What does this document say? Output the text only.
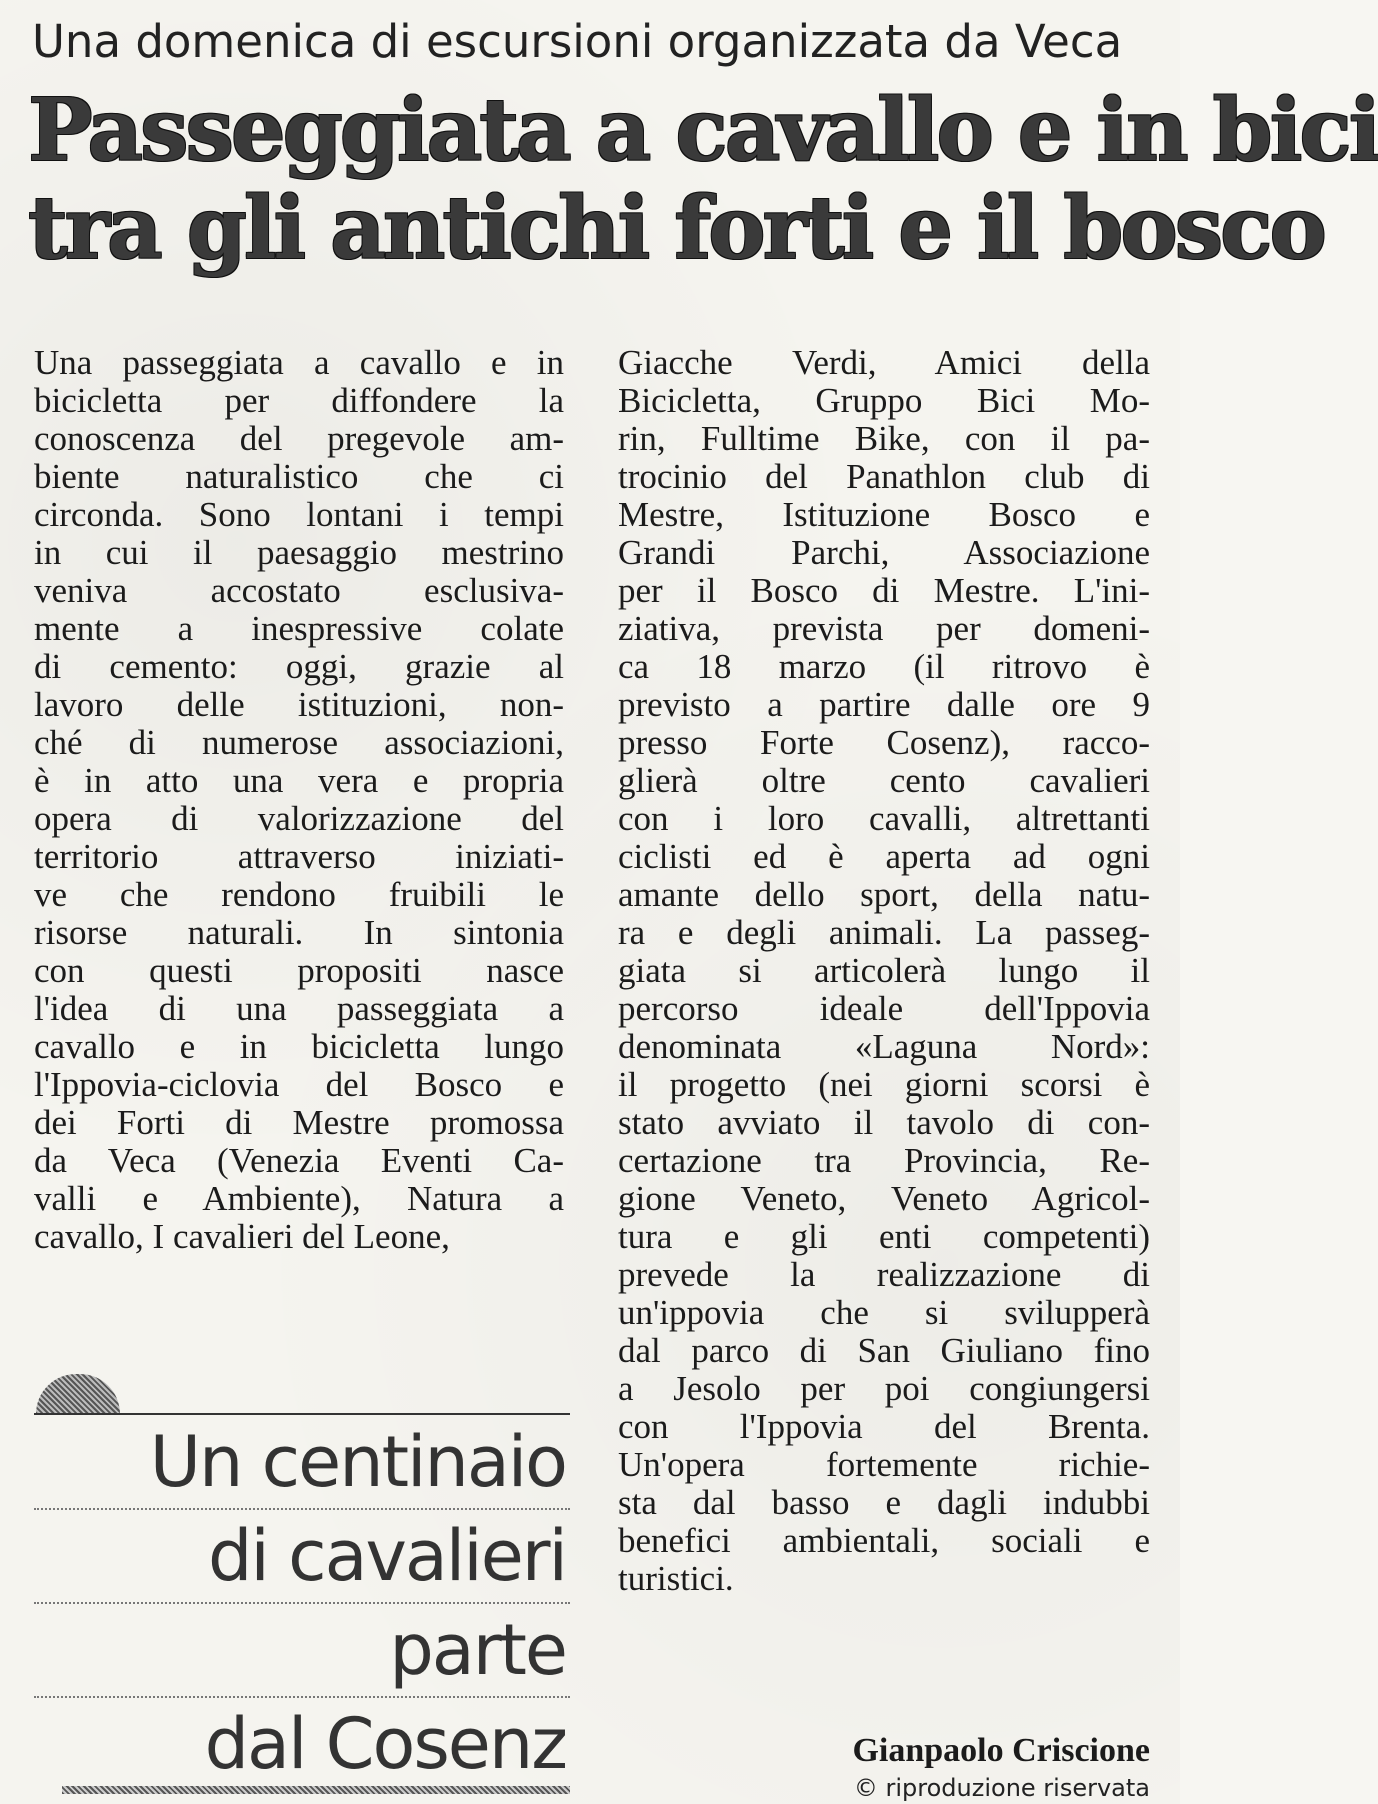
Una domenica di escursioni organizzata da Veca
Passeggiata a cavallo e in bici
tra gli antichi forti e il bosco
Una passeggiata a cavallo e in
bicicletta per diffondere la
conoscenza del pregevole am-
biente naturalistico che ci
circonda. Sono lontani i tempi
in cui il paesaggio mestrino
veniva accostato esclusiva-
mente a inespressive colate
di cemento: oggi, grazie al
lavoro delle istituzioni, non-
ché di numerose associazioni,
è in atto una vera e propria
opera di valorizzazione del
territorio attraverso iniziati-
ve che rendono fruibili le
risorse naturali. In sintonia
con questi propositi nasce
l'idea di una passeggiata a
cavallo e in bicicletta lungo
l'Ippovia-ciclovia del Bosco e
dei Forti di Mestre promossa
da Veca (Venezia Eventi Ca-
valli e Ambiente), Natura a
cavallo, I cavalieri del Leone,
Giacche Verdi, Amici della
Bicicletta, Gruppo Bici Mo-
rin, Fulltime Bike, con il pa-
trocinio del Panathlon club di
Mestre, Istituzione Bosco e
Grandi Parchi, Associazione
per il Bosco di Mestre. L'ini-
ziativa, prevista per domeni-
ca 18 marzo (il ritrovo è
previsto a partire dalle ore 9
presso Forte Cosenz), racco-
glierà oltre cento cavalieri
con i loro cavalli, altrettanti
ciclisti ed è aperta ad ogni
amante dello sport, della natu-
ra e degli animali. La passeg-
giata si articolerà lungo il
percorso ideale dell'Ippovia
denominata «Laguna Nord»:
il progetto (nei giorni scorsi è
stato avviato il tavolo di con-
certazione tra Provincia, Re-
gione Veneto, Veneto Agricol-
tura e gli enti competenti)
prevede la realizzazione di
un'ippovia che si svilupperà
dal parco di San Giuliano fino
a Jesolo per poi congiungersi
con l'Ippovia del Brenta.
Un'opera fortemente richie-
sta dal basso e dagli indubbi
benefici ambientali, sociali e
turistici.
Un centinaio
di cavalieri
parte
dal Cosenz	Gianpaolo Criscione
© riproduzione riservata
